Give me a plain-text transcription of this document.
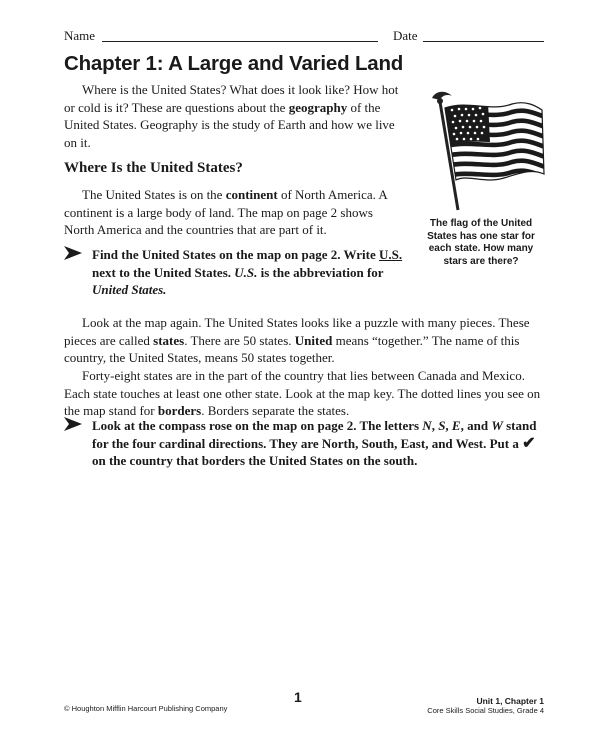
Name	Date
Chapter 1: A Large and Varied Land

Where is the United States? What does it look like? How hot or cold is it? These are questions about the geography of the United States. Geography is the study of Earth and how we live on it.

The flag of the United States has one star for each state. How many stars are there?
Where Is the United States?

The United States is on the continent of North America. A continent is a large body of land. The map on page 2 shows North America and the countries that are part of it.

Find the United States on the map on page 2. Write U.S. next to the United States. U.S. is the abbreviation for United States.

Look at the map again. The United States looks like a puzzle with many pieces. These pieces are called states. There are 50 states. United means “together.” The name of this country, the United States, means 50 states together.

Forty-eight states are in the part of the country that lies between Canada and Mexico. Each state touches at least one other state. Look at the map key. The dotted lines you see on the map stand for borders. Borders separate the states.

Look at the compass rose on the map on page 2. The letters N, S, E, and W stand for the four cardinal directions. They are North, South, East, and West. Put a ✔ on the country that borders the United States on the south.
© Houghton Mifflin Harcourt Publishing Company
1	Unit 1, Chapter 1
Core Skills Social Studies, Grade 4
